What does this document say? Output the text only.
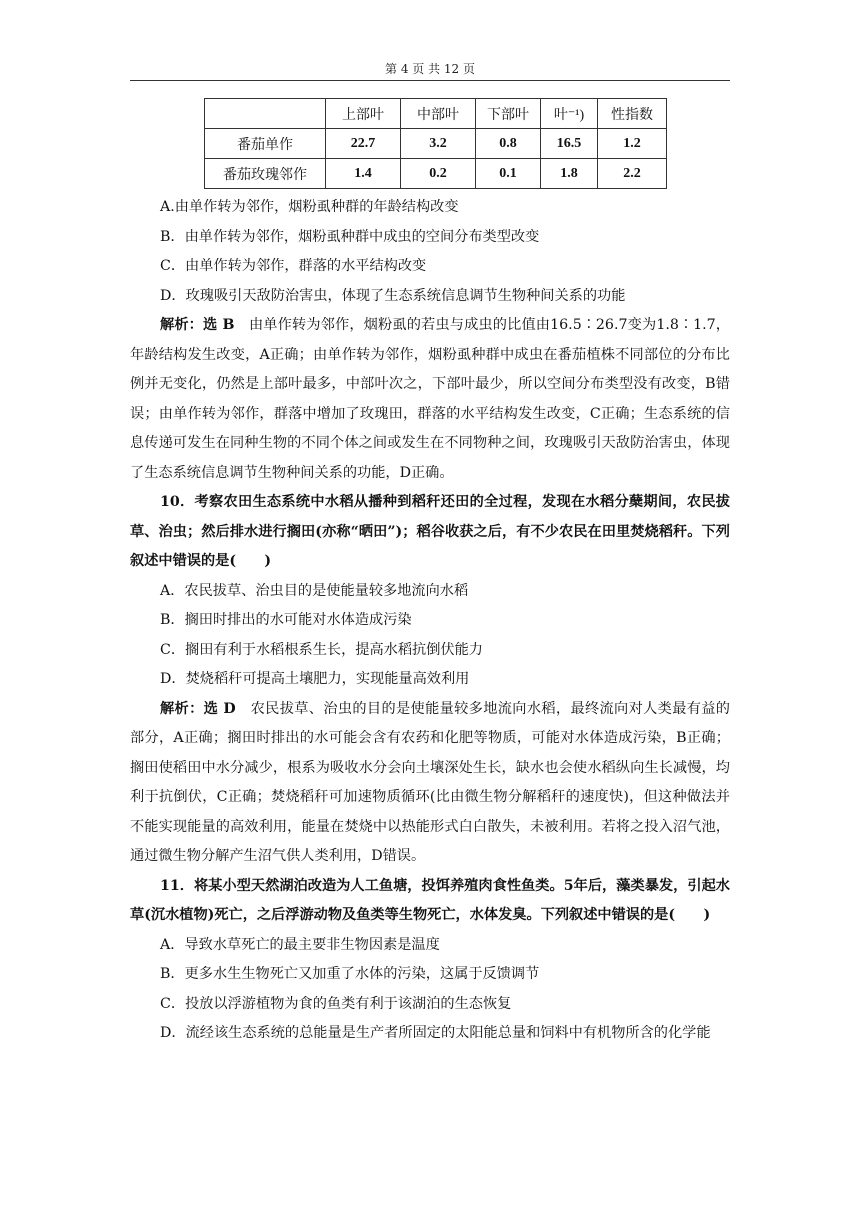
第 4 页 共 12 页
	上部叶	中部叶	下部叶	叶⁻¹)	性指数
番茄单作	22.7	3.2	0.8	16.5	1.2
番茄玫瑰邻作	1.4	0.2	0.1	1.8	2.2
A.由单作转为邻作，烟粉虱种群的年龄结构改变
B．由单作转为邻作，烟粉虱种群中成虫的空间分布类型改变
C．由单作转为邻作，群落的水平结构改变
D．玫瑰吸引天敌防治害虫，体现了生态系统信息调节生物种间关系的功能
解析：选 B　由单作转为邻作，烟粉虱的若虫与成虫的比值由16.5∶26.7变为1.8∶1.7，年龄结构发生改变，A正确；由单作转为邻作，烟粉虱种群中成虫在番茄植株不同部位的分布比例并无变化，仍然是上部叶最多，中部叶次之，下部叶最少，所以空间分布类型没有改变，B错误；由单作转为邻作，群落中增加了玫瑰田，群落的水平结构发生改变，C正确；生态系统的信息传递可发生在同种生物的不同个体之间或发生在不同物种之间，玫瑰吸引天敌防治害虫，体现了生态系统信息调节生物种间关系的功能，D正确。
10．考察农田生态系统中水稻从播种到稻秆还田的全过程，发现在水稻分蘖期间，农民拔草、治虫；然后排水进行搁田(亦称“晒田”)；稻谷收获之后，有不少农民在田里焚烧稻秆。下列叙述中错误的是(　　)
A．农民拔草、治虫目的是使能量较多地流向水稻
B．搁田时排出的水可能对水体造成污染
C．搁田有利于水稻根系生长，提高水稻抗倒伏能力
D．焚烧稻秆可提高土壤肥力，实现能量高效利用
解析：选 D　农民拔草、治虫的目的是使能量较多地流向水稻，最终流向对人类最有益的部分，A正确；搁田时排出的水可能会含有农药和化肥等物质，可能对水体造成污染，B正确；搁田使稻田中水分减少，根系为吸收水分会向土壤深处生长，缺水也会使水稻纵向生长减慢，均利于抗倒伏，C正确；焚烧稻秆可加速物质循环(比由微生物分解稻秆的速度快)，但这种做法并不能实现能量的高效利用，能量在焚烧中以热能形式白白散失，未被利用。若将之投入沼气池，通过微生物分解产生沼气供人类利用，D错误。
11．将某小型天然湖泊改造为人工鱼塘，投饵养殖肉食性鱼类。5年后，藻类暴发，引起水草(沉水植物)死亡，之后浮游动物及鱼类等生物死亡，水体发臭。下列叙述中错误的是(　　)
A．导致水草死亡的最主要非生物因素是温度
B．更多水生生物死亡又加重了水体的污染，这属于反馈调节
C．投放以浮游植物为食的鱼类有利于该湖泊的生态恢复
D．流经该生态系统的总能量是生产者所固定的太阳能总量和饲料中有机物所含的化学能
